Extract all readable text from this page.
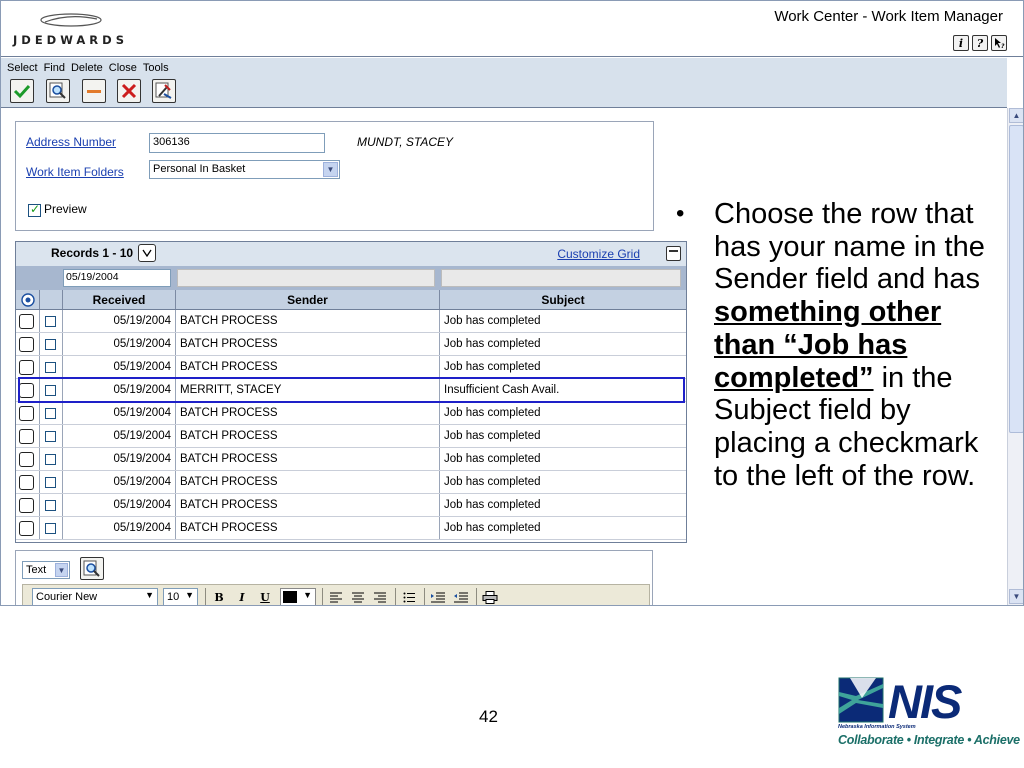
JDEDWARDS
Work Center - Work Item Manager
i	?	?
Select Find Delete Close Tools
Address Number	306136	MUNDT, STACEY
Work Item Folders	Personal In Basket	▼
✓
Preview
Records 1 - 10	Customize Grid
05/19/2004
Received	Sender	Subject
05/19/2004 BATCH PROCESS	Job has completed
05/19/2004 BATCH PROCESS	Job has completed
05/19/2004 BATCH PROCESS	Job has completed
05/19/2004 MERRITT, STACEY	Insufficient Cash Avail.
05/19/2004 BATCH PROCESS	Job has completed
05/19/2004 BATCH PROCESS	Job has completed
05/19/2004 BATCH PROCESS	Job has completed
05/19/2004 BATCH PROCESS	Job has completed
05/19/2004 BATCH PROCESS	Job has completed
05/19/2004 BATCH PROCESS	Job has completed
Text	▼
Courier New	▼	10 ▼	B	I	U	▼
▲
▼
• Choose the row that has your name in the Sender field and has something other than “Job has completed” in the Subject field by placing a checkmark to the left of the row.
42	NIS
Nebraska Information System
Collaborate • Integrate • Achieve
